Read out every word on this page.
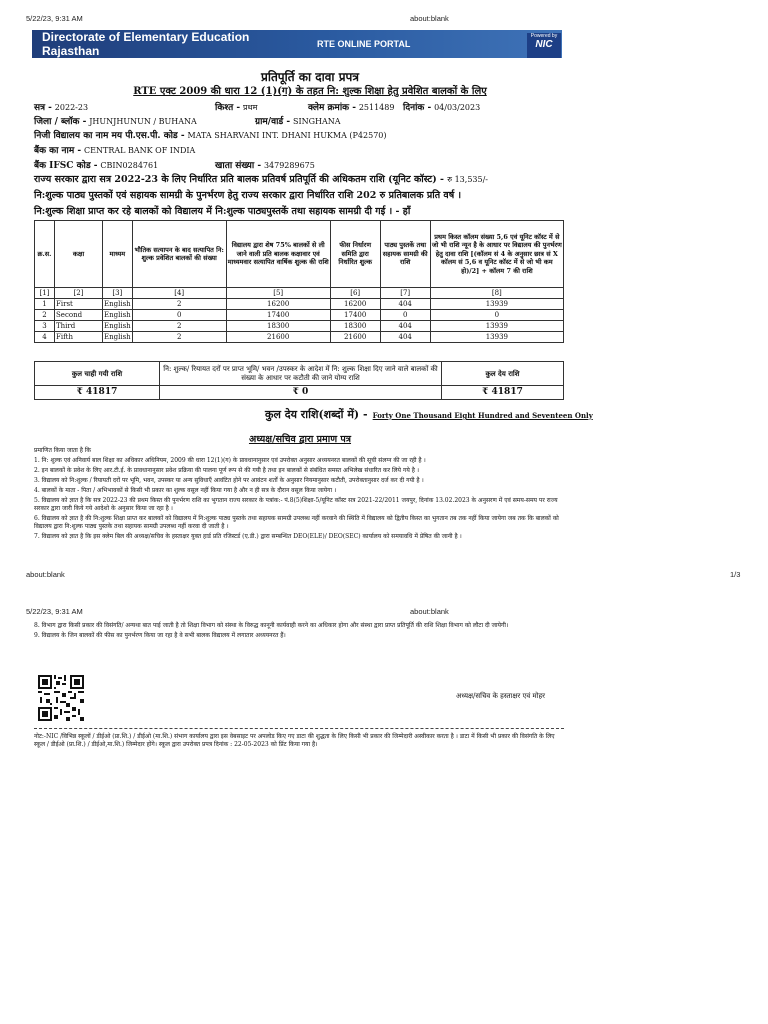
5/22/23, 9:31 AM	about:blank
Directorate of Elementary Education Rajasthan	RTE ONLINE PORTAL
Powered by
NIC
प्रतिपूर्ति का दावा प्रपत्र
RTE एक्ट 2009 की धारा 12 (1)(ग) के तहत नि: शुल्क शिक्षा हेतु प्रवेशित बालकों के लिए
सत्र - 2022-23	किश्त - प्रथम	क्लेम क्रमांक - 2511489 दिनांक - 04/03/2023
जिला / ब्लॉक - JHUNJHUNUN / BUHANA	ग्राम/वार्ड - SINGHANA
निजी विद्यालय का नाम मय पी.एस.पी. कोड - MATA SHARVANI INT. DHANI HUKMA (P42570)
बैंक का नाम - CENTRAL BANK OF INDIA
बैंक IFSC कोड - CBIN0284761	खाता संख्या - 3479289675
राज्य सरकार द्वारा सत्र 2022-23 के लिए निर्धारित प्रति बालक प्रतिवर्ष प्रतिपूर्ति की अधिकतम राशि (यूनिट कॉस्ट) - रु 13,535/-
नि:शुल्क पाठ्य पुस्तकों एवं सहायक सामग्री के पुनर्भरण हेतु राज्य सरकार द्वारा निर्धारित राशि 202 रु प्रतिबालक प्रति वर्ष ।
नि:शुल्क शिक्षा प्राप्त कर रहे बालकों को विद्यालय में नि:शुल्क पाठ्यपुस्तकें तथा सहायक सामग्री दी गई । - हाँ
क्र.स.	कक्षा	माध्यम	भौतिक सत्यापन के बाद सत्यापित नि: शुल्क प्रवेशित बालकों की संख्या	विद्यालय द्वारा शेष 75% बालकों से ली जाने वाली प्रति बालक कक्षावार एवं माध्यमवार सत्यापित वार्षिक शुल्क की राशि	फीस निर्धारण समिति द्वारा निर्धारित शुल्क	पाठ्य पुस्तकें तथा सहायक सामग्री की राशि	प्रथम किस्त कॉलम संख्या 5,6 एवं यूनिट कॉस्ट में से जो भी राशि न्यून है के आधार पर विद्यालय की पुनर्भरण हेतु दावा राशि [(कॉलम सं 4 के अनुसार छात्र सं X कॉलम सं 5,6 व यूनिट कॉस्ट में से जो भी कम हो)/2] + कॉलम 7 की राशि
[1]	[2]	[3]	[4]	[5]	[6]	[7]	[8]
1	First	English	2	16200	16200	404	13939
2	Second	English	0	17400	17400	0	0
3	Third	English	2	18300	18300	404	13939
4	Fifth	English	2	21600	21600	404	13939
कुल चाही गयी राशि	नि: शुल्क/ रियायत दरों पर प्राप्त भूमि/ भवन /उपस्कर के आदेश में नि: शुल्क शिक्षा दिए जाने वाले बालकों की संख्या के आधार पर कटौती की जाने योग्य राशि	कुल देय राशि
₹ 41817	₹ 0	₹ 41817
कुल देय राशि(शब्दों में) - Forty One Thousand Eight Hundred and Seventeen Only
अध्यक्ष/सचिव द्वारा प्रमाण पत्र
प्रमाणित किया जाता है कि
1. नि: शुल्क एवं अनिवार्य बाल शिक्षा का अधिकार अधिनियम, 2009 की धारा 12(1)(ग) के प्रावधानानुसार एवं उपरोक्त अनुसार अध्ययनरत बालकों की सूची संलग्न की जा रही है ।
2. इन बालकों के प्रवेश के लिए आर.टी.ई. के प्रावधानानुसार प्रवेश प्रक्रिया की पालना पूर्ण रूप से की गयी है तथा इन बालकों से संबंधित समस्त अभिलेख संधारित कर लिये गये है ।
3. विद्यालय को नि:शुल्क / रियायती दरों पर भूमि, भवन, उपस्कर या अन्य सुविधाएँ आवंटित होने पर आवंटन शर्तों के अनुसार नियमानुसार कटौती, उपरोक्तानुसार दर्ज कर दी गयी है ।
4. बालकों के माता - पिता / अभिभावकों से किसी भी प्रकार का शुल्क वसूल नहीं किया गया है और न ही सत्र के दौरान वसूल किया जायेगा ।
5. विद्यालय को ज्ञात है कि सत्र 2022-23 की प्रथम किस्त की पुनर्भरण राशि का भुगतान राज्य सरकार के पत्रांक:- पं.8(5)शिक्षा-5/यूनिट कॉस्ट सत्र 2021-22/2011 जयपुर, दिनांक 13.02.2023 के अनुसरण में एवं समय-समय पर राज्य सरकार द्वारा जारी किये गये आदेशो के अनुसार किया जा रहा है ।
6. विद्यालय को ज्ञात है की नि:शुल्क शिक्षा प्राप्त कर बालकों को विद्यालय में नि:शुल्क पाठ्य पुस्तके तथा सहायक सामग्री उपलब्ध नहीं करवाने की स्थिति में विद्यालय को द्वितीय किस्त का भुगतान तब तक नहीं किया जायेगा जब तक कि बालकों को विद्यालय द्वारा नि:शुल्क पाठ्य पुस्तके तथा सहायक सामग्री उपलब्ध नहीं करवा दी जाती है ।
7. विद्यालय को ज्ञात है कि इस क्लेम बिल की अध्यक्ष/सचिव के हस्ताक्षर युक्त हार्ड प्रति रजिस्टर्ड (ए.डी.) द्वारा सम्बन्धित DEO(ELE)/ DEO(SEC) कार्यालय को समयावधि में प्रेषित की जानी है ।
about:blank	1/3
5/22/23, 9:31 AM	about:blank
8. विभाग द्वारा किसी प्रकार की विसंगति/ अन्यथा बात पाई जाती है तो शिक्षा विभाग को संस्था के विरुद्ध कानूनी कार्यवाही करने का अधिकार होगा और संस्था द्वारा प्राप्त प्रतिपूर्ति की राशि शिक्षा विभाग को लौटा दी जायेगी।
9. विद्यालय के जिन बालकों की फीस का पुनर्भरण किया जा रहा है वे सभी बालक विद्यालय में लगातार अध्ययनरत हैं।
अध्यक्ष/सचिव के हस्ताक्षर एवं मोहर
नोट:-NIC /विभिन्न स्कूलों / डीईओ (प्रा.शि.) / डीईओ (मा.शि.) संभाग कार्यालय द्वारा इस वेबसाइट पर अपलोड किए गए डाटा की शुद्धता के लिए किसी भी प्रकार की जिम्मेदारी अस्वीकार करता है । डाटा में किसी भी प्रकार की विसंगति के लिए स्कूल / डीईओ (प्रा.शि.) / डीईओ,मा.शि.) जिम्मेदार होंगे। स्कूल द्वारा उपरोक्त प्रपत्र दिनांक : 22-05-2023 को प्रिंट किया गया है।
